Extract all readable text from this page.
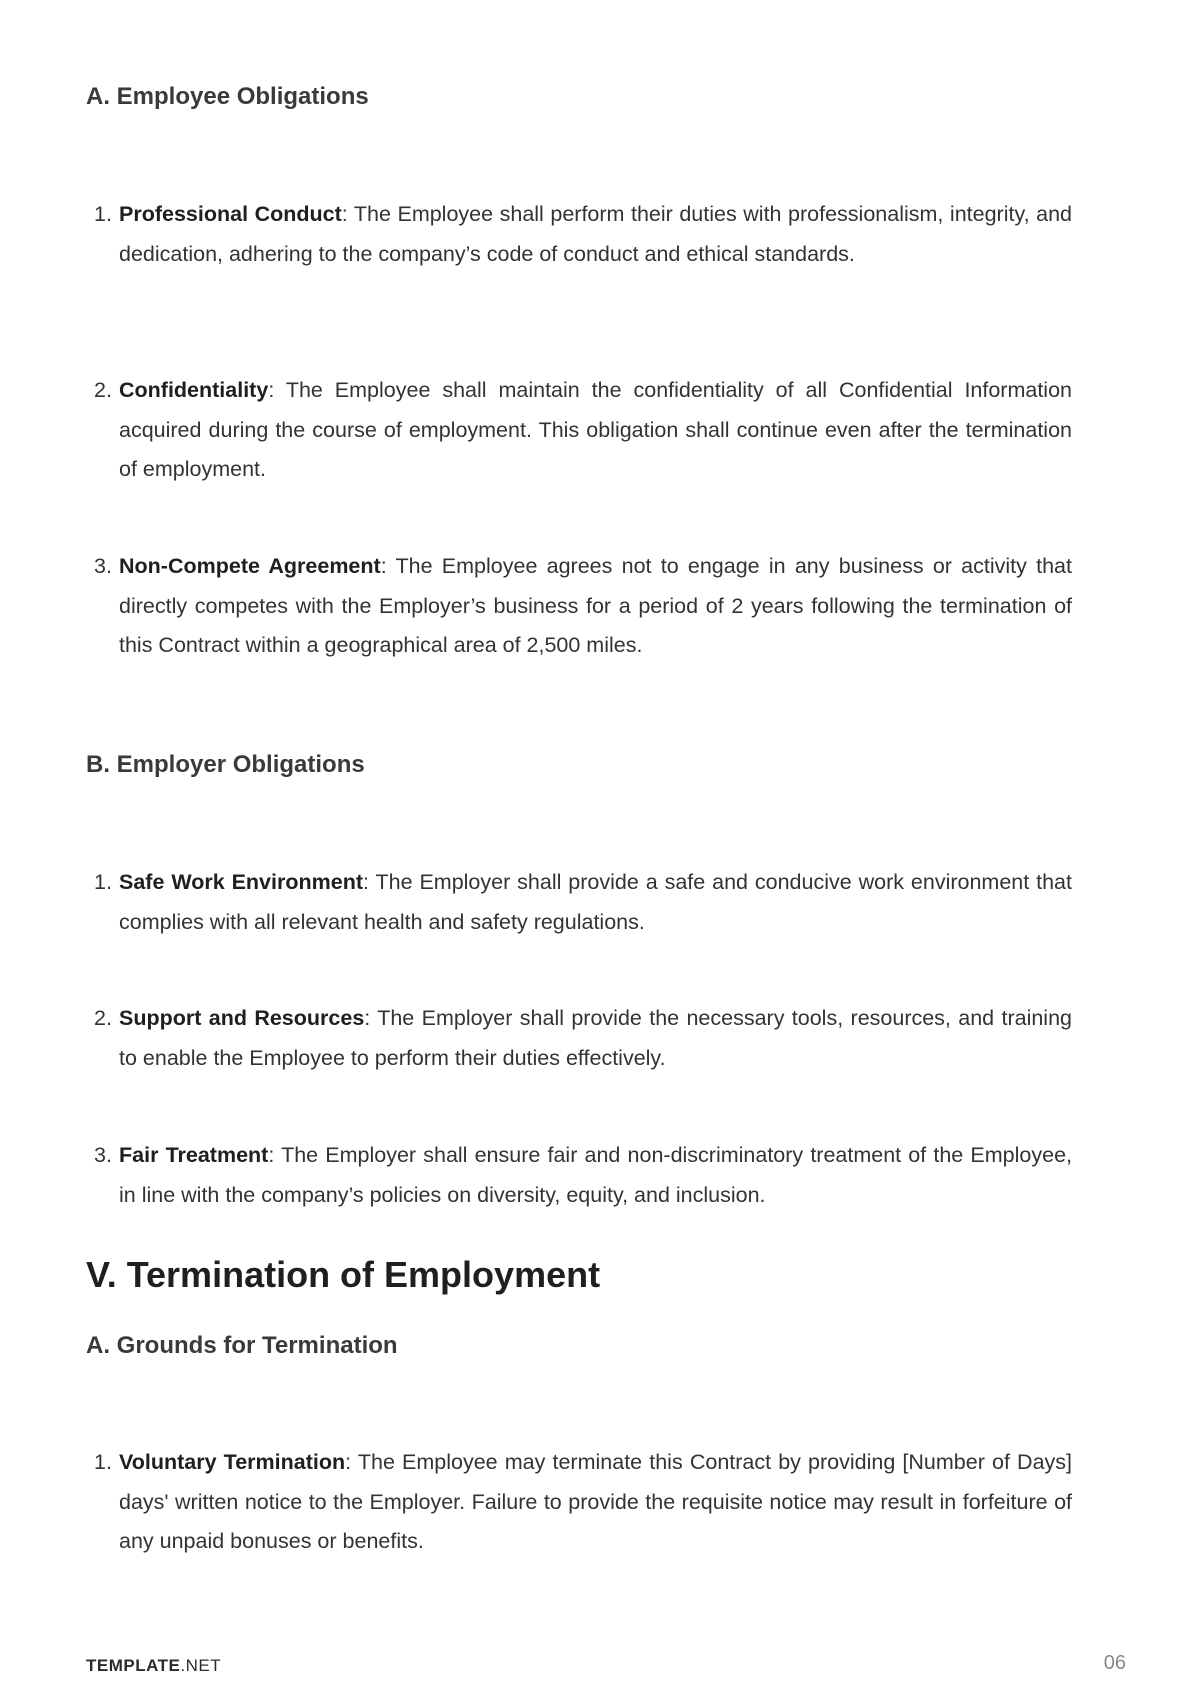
A. Employee Obligations
1. Professional Conduct: The Employee shall perform their duties with professionalism, integrity, and dedication, adhering to the company’s code of conduct and ethical standards.
2. Confidentiality: The Employee shall maintain the confidentiality of all Confidential Information acquired during the course of employment. This obligation shall continue even after the termination of employment.
3. Non-Compete Agreement: The Employee agrees not to engage in any business or activity that directly competes with the Employer’s business for a period of 2 years following the termination of this Contract within a geographical area of 2,500 miles.
B. Employer Obligations
1. Safe Work Environment: The Employer shall provide a safe and conducive work environment that complies with all relevant health and safety regulations.
2. Support and Resources: The Employer shall provide the necessary tools, resources, and training to enable the Employee to perform their duties effectively.
3. Fair Treatment: The Employer shall ensure fair and non-discriminatory treatment of the Employee, in line with the company’s policies on diversity, equity, and inclusion.
V. Termination of Employment
A. Grounds for Termination
1. Voluntary Termination: The Employee may terminate this Contract by providing [Number of Days] days' written notice to the Employer. Failure to provide the requisite notice may result in forfeiture of any unpaid bonuses or benefits.
TEMPLATE.NET	06
